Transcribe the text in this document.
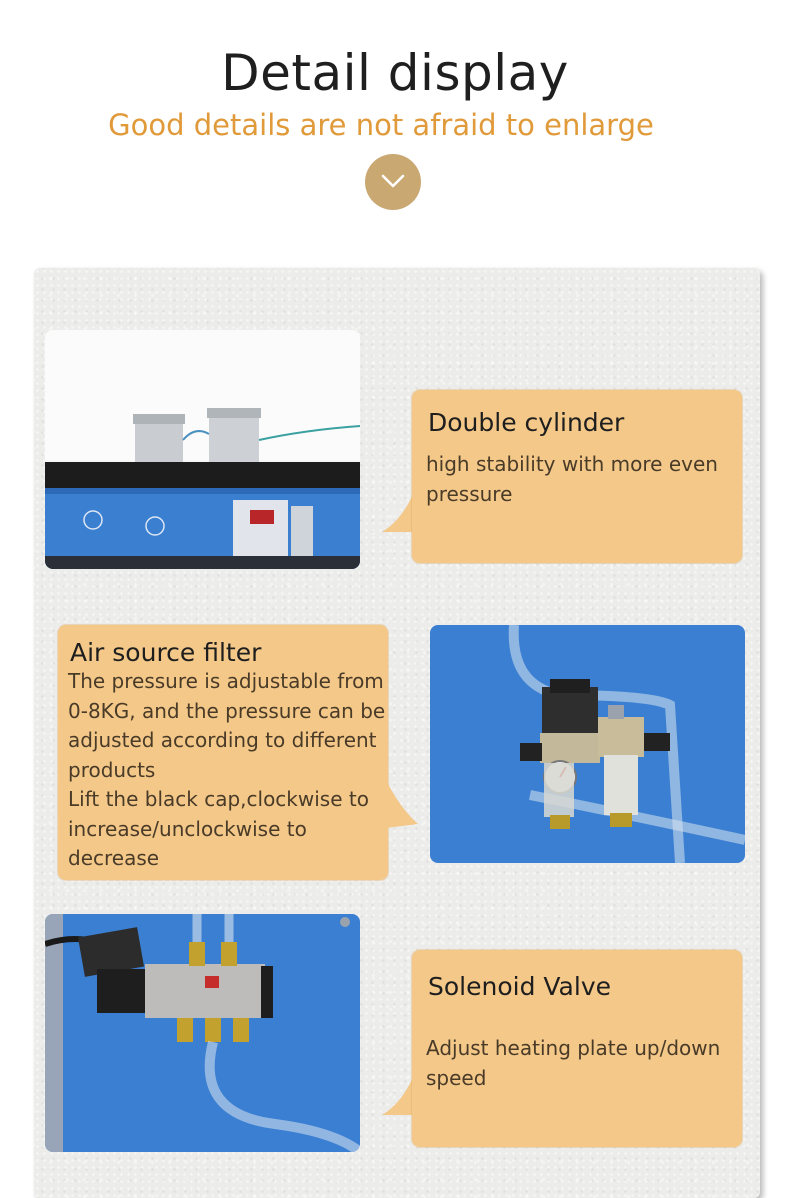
Detail display
Good details are not afraid to enlarge
Double cylinder
high stability with more even pressure
Air source filter
The pressure is adjustable from 0-8KG, and the pressure can be adjusted according to different products
Lift the black cap,clockwise to increase/unclockwise to decrease
Solenoid Valve
Adjust heating plate up/down speed
